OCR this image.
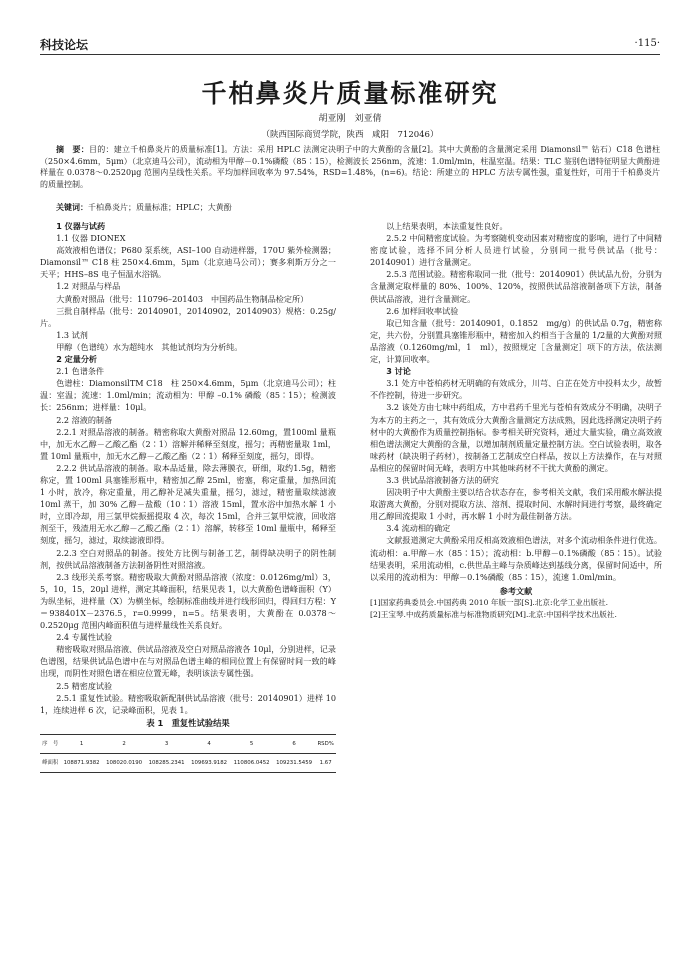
科技论坛	·115·
千柏鼻炎片质量标准研究
胡亚刚　刘亚倩
（陕西国际商贸学院，陕西　咸阳　712046）
摘　要：目的：建立千柏鼻炎片的质量标准[1]。方法：采用 HPLC 法测定决明子中的大黄酚的含量[2]。其中大黄酚的含量测定采用 Diamonsil™ 钻石）C18 色谱柱（250×4.6mm，5μm）（北京迪马公司），流动相为甲醇－0.1%磷酸（85∶15），检测波长 256nm，流速：1.0ml/min，柱温室温。结果：TLC 鉴别色谱特征明显大黄酚进样量在 0.0378～0.2520μg 范围内呈线性关系。平均加样回收率为 97.54%，RSD=1.48%，(n=6)。结论：所建立的 HPLC 方法专属性强，重复性好，可用于千柏鼻炎片的质量控制。
关键词：千柏鼻炎片；质量标准；HPLC；大黄酚
1 仪器与试药
1.1 仪器 DIONEX

高效液相色谱仪；P680 泵系统，ASI–100 自动进样器，170U 紫外检测器；Diamonsil™ C18 柱 250×4.6mm，5μm（北京迪马公司）；赛多利斯万分之一天平；HHS–8S 电子恒温水浴锅。

1.2 对照品与样品

大黄酚对照品（批号：110796–201403　中国药品生物制品检定所）

三批自制样品（批号：20140901，20140902，20140903）规格：0.25g/ 片。

1.3 试剂

甲醇（色谱纯）水为超纯水　其他试剂均为分析纯。

2 定量分析
2.1 色谱条件

色谱柱：DiamonsilTM C18　柱 250×4.6mm，5μm（北京迪马公司）；柱温：室温；流速：1.0ml/min；流动相为：甲醇 –0.1% 磷酸（85∶15）；检测波长：256nm；进样量：10μl。

2.2 溶液的制备

2.2.1 对照品溶液的制备。精密称取大黄酚对照品 12.60mg，置100ml 量瓶中，加无水乙醇－乙酸乙酯（2∶1）溶解并稀释至刻度，摇匀；再精密量取 1ml，置 10ml 量瓶中，加无水乙醇－乙酸乙酯（2∶1）稀释至刻度，摇匀，即得。

2.2.2 供试品溶液的制备。取本品适量，除去薄膜衣，研细，取约1.5g，精密称定，置 100ml 具塞锥形瓶中，精密加乙醇 25ml，密塞，称定重量，加热回流 1 小时，放冷，称定重量，用乙醇补足减失重量，摇匀，滤过，精密量取续滤液 10ml 蒸干，加 30% 乙醇－盐酸（10∶1）溶液 15ml，置水浴中加热水解 1 小时，立即冷却，用三氯甲烷振摇提取 4 次，每次 15ml，合并三氯甲烷液，回收溶剂至干，残渣用无水乙醇－乙酸乙酯（2∶1）溶解，转移至 10ml 量瓶中，稀释至刻度，摇匀，滤过，取续滤液即得。

2.2.3 空白对照品的制备。按处方比例与制备工艺，制得缺决明子的阴性制剂，按供试品溶液制备方法制备阴性对照溶液。

2.3 线形关系考察。精密吸取大黄酚对照品溶液（浓度：0.0126mg/ml）3，5，10，15，20μl 进样，测定其峰面积，结果见表 1，以大黄酚色谱峰面积（Y）为纵坐标，进样量（X）为横坐标，绘制标准曲线并进行线形回归，得回归方程：Y＝938401X－2376.5，r=0.9999，n=5。结果表明，大黄酚在 0.0378～0.2520μg 范围内峰面积值与进样量线性关系良好。

2.4 专属性试验

精密吸取对照品溶液、供试品溶液及空白对照品溶液各 10μl，分别进样，记录色谱图，结果供试品色谱中在与对照品色谱主峰的相同位置上有保留时间一致的峰出现，而阴性对照色谱在相应位置无峰，表明该法专属性强。

2.5 精密度试验

2.5.1 重复性试验。精密吸取新配制供试品溶液（批号：20140901）进样 10 1，连续进样 6 次，记录峰面积，见表 1。

表 1　重复性试验结果
序　号	1	2	3	4	5	6	RSD%
峰面积	108871.9382	108020.0190	108285.2341	109693.9182	110806.0452	109231.5459	1.67

以上结果表明，本法重复性良好。

2.5.2 中间精密度试验。为考察随机变动因素对精密度的影响，进行了中间精密度试验，选择不同分析人员进行试验，分别同一批号供试品（批号：20140901）进行含量测定。

2.5.3 范围试验。精密称取同一批（批号：20140901）供试品九份，分别为含量测定取样量的 80%、100%、120%，按照供试品溶液制备项下方法，制备供试品溶液，进行含量测定。

2.6 加样回收率试验

取已知含量（批号：20140901，0.1852　mg/g）的供试品 0.7g，精密称定，共六份，分别置具塞锥形瓶中，精密加入约相当于含量的 1/2量的大黄酚对照品溶液（0.1260mg/ml，1　ml），按照规定［含量测定］项下的方法，依法测定，计算回收率。

3 讨论

3.1 处方中苍柏药材无明确的有效成分，川芎、白芷在处方中投料太少，故暂不作控制，待进一步研究。

3.2 该处方由七味中药组成，方中君药千里光与苍柏有效成分不明确，决明子为本方的主药之一，其有效成分大黄酚含量测定方法成熟，因此选择测定决明子药材中的大黄酚作为质量控制指标。参考相关研究资料，通过大量实验，确立高效液相色谱法测定大黄酚的含量，以增加制剂质量定量控制方法。空白试验表明，取各味药材（缺决明子药材），按制备工艺制成空白样品，按以上方法操作，在与对照品相应的保留时间无峰，表明方中其他味药材不干扰大黄酚的测定。

3.3 供试品溶液制备方法的研究

因决明子中大黄酚主要以结合状态存在，参考相关文献，我们采用酸水解法提取游离大黄酚，分别对提取方法、溶剂、提取时间、水解时间进行考察，最终确定用乙醇回流提取 1 小时，再水解 1 小时为最佳制备方法。

3.4 流动相的确定

文献报道测定大黄酚采用反相高效液相色谱法，对多个流动相条件进行优选。流动相：a.甲醇－水（85∶15）；流动相：b.甲醇－0.1%磷酸（85∶15）。试验结果表明，采用流动相，c.供世品主峰与杂质峰达到基线分离，保留时间适中，所以采用的流动相为：甲醇－0.1%磷酸（85∶15），流速 1.0ml/min。

参考文献
[1]国家药典委员会.中国药典 2010 年版一部[S].北京:化学工业出版社.
[2]王宝琴.中成药质量标准与标准物质研究[M].北京:中国科学技术出版社.
